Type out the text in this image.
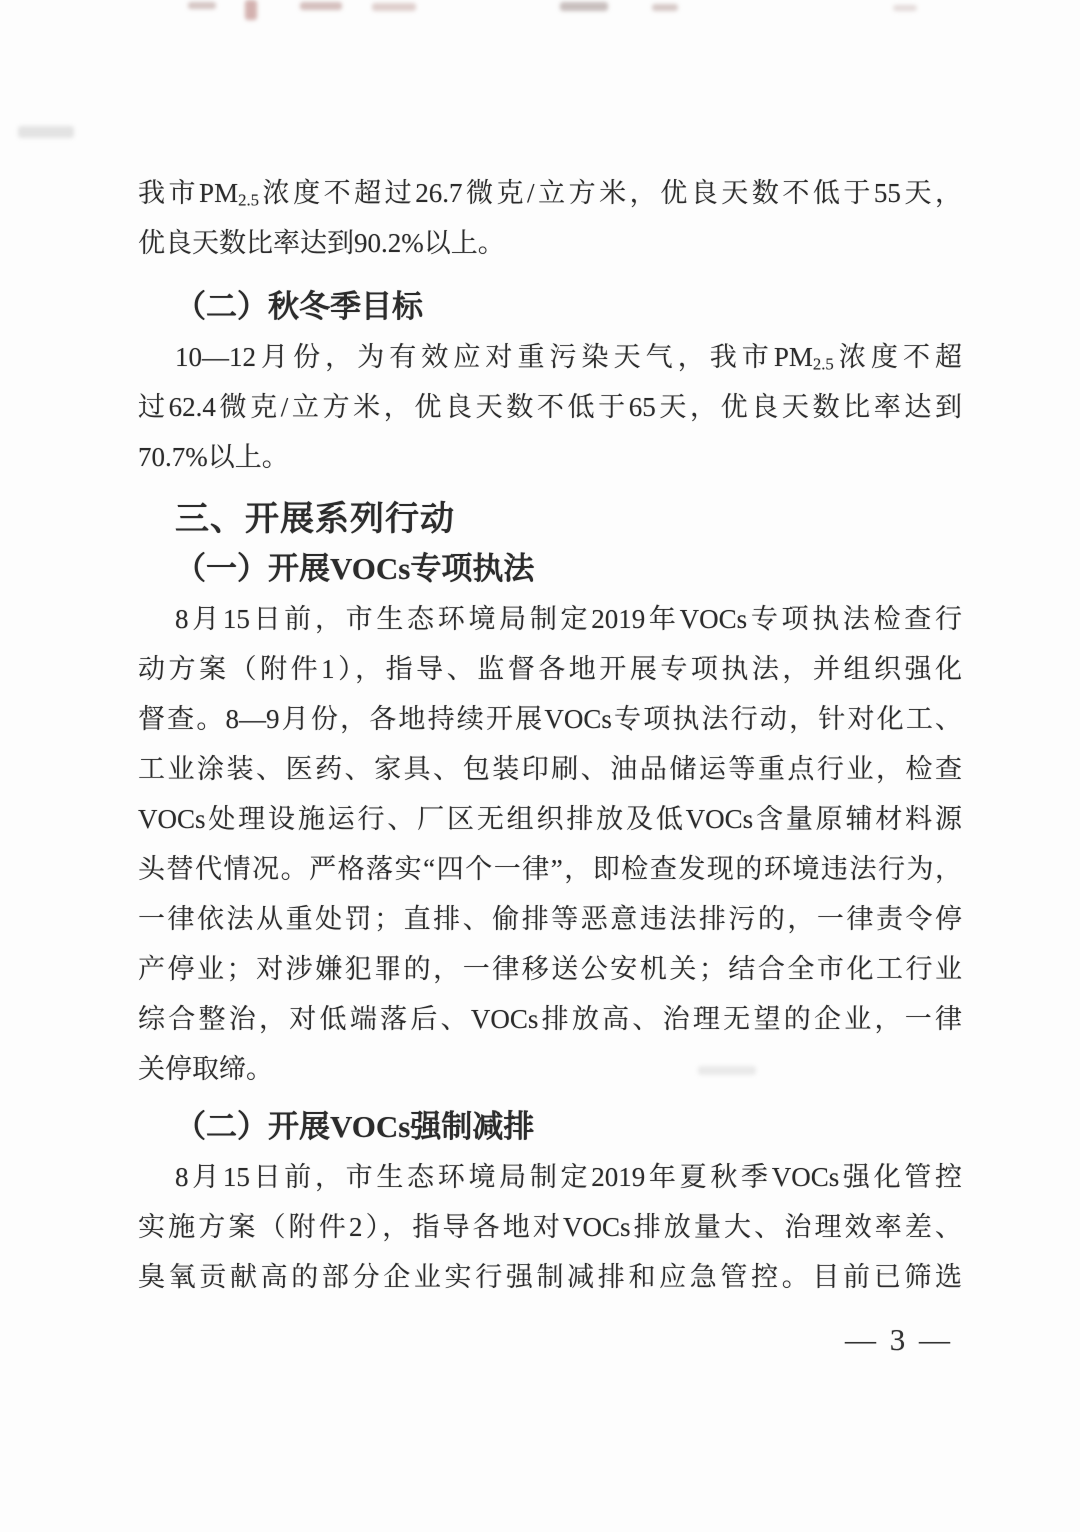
我市$PM_{2.5}$浓度不超过26.7微克/立方米，优良天数不低于55天，

优良天数比率达到90.2%以上。

（二）秋冬季目标

10—12月份，为有效应对重污染天气，我市$PM_{2.5}$浓度不超

过62.4微克/立方米，优良天数不低于65天，优良天数比率达到

70.7%以上。

三、开展系列行动

（一）开展VOCs专项执法

8月15日前，市生态环境局制定2019年VOCs专项执法检查行

动方案（附件1），指导、监督各地开展专项执法，并组织强化

督查。8—9月份，各地持续开展VOCs专项执法行动，针对化工、

工业涂装、医药、家具、包装印刷、油品储运等重点行业，检查

VOCs处理设施运行、厂区无组织排放及低VOCs含量原辅材料源

头替代情况。严格落实“四个一律”，即检查发现的环境违法行为，

一律依法从重处罚；直排、偷排等恶意违法排污的，一律责令停

产停业；对涉嫌犯罪的，一律移送公安机关；结合全市化工行业

综合整治，对低端落后、VOCs排放高、治理无望的企业，一律

关停取缔。

（二）开展VOCs强制减排

8月15日前，市生态环境局制定2019年夏秋季VOCs强化管控

实施方案（附件2），指导各地对VOCs排放量大、治理效率差、

臭氧贡献高的部分企业实行强制减排和应急管控。目前已筛选

— 3 —
